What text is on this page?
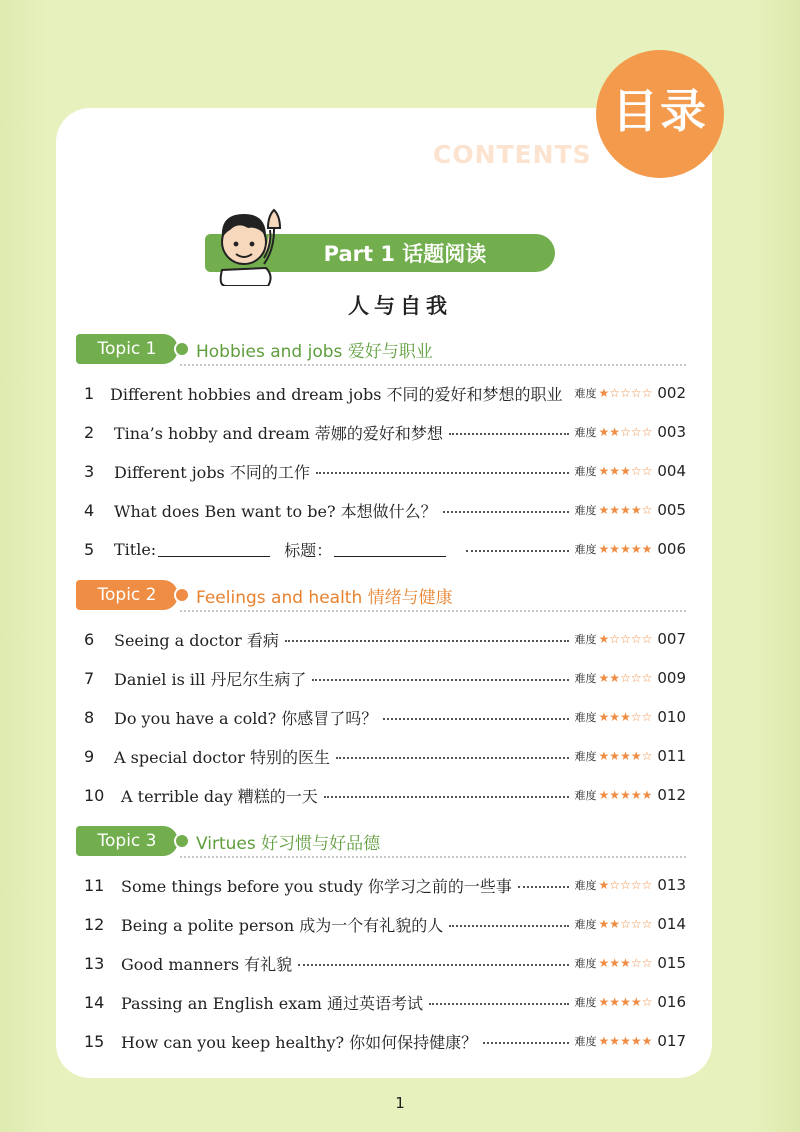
目录
CONTENTS
Part 1 话题阅读
人与自我
Topic 1	Hobbies and jobs 爱好与职业
1 Different hobbies and dream jobs 不同的爱好和梦想的职业 难度 ★☆☆☆☆ 002
2	Tina’s hobby and dream 蒂娜的爱好和梦想	难度 ★★☆☆☆ 003
3	Different jobs 不同的工作	难度 ★★★☆☆ 004
4	What does Ben want to be? 本想做什么？	难度 ★★★★☆ 005
5	Title:	标题：	难度 ★★★★★ 006
Topic 2	Feelings and health 情绪与健康
6	Seeing a doctor 看病	难度 ★☆☆☆☆ 007
7	Daniel is ill 丹尼尔生病了	难度 ★★☆☆☆ 009
8	Do you have a cold? 你感冒了吗？	难度 ★★★☆☆ 010
9	A special doctor 特别的医生	难度 ★★★★☆ 011
10	A terrible day 糟糕的一天	难度 ★★★★★ 012
Topic 3	Virtues 好习惯与好品德
11	Some things before you study 你学习之前的一些事	难度 ★☆☆☆☆ 013
12	Being a polite person 成为一个有礼貌的人	难度 ★★☆☆☆ 014
13	Good manners 有礼貌	难度 ★★★☆☆ 015
14	Passing an English exam 通过英语考试	难度 ★★★★☆ 016
15	How can you keep healthy? 你如何保持健康？	难度 ★★★★★ 017
1
